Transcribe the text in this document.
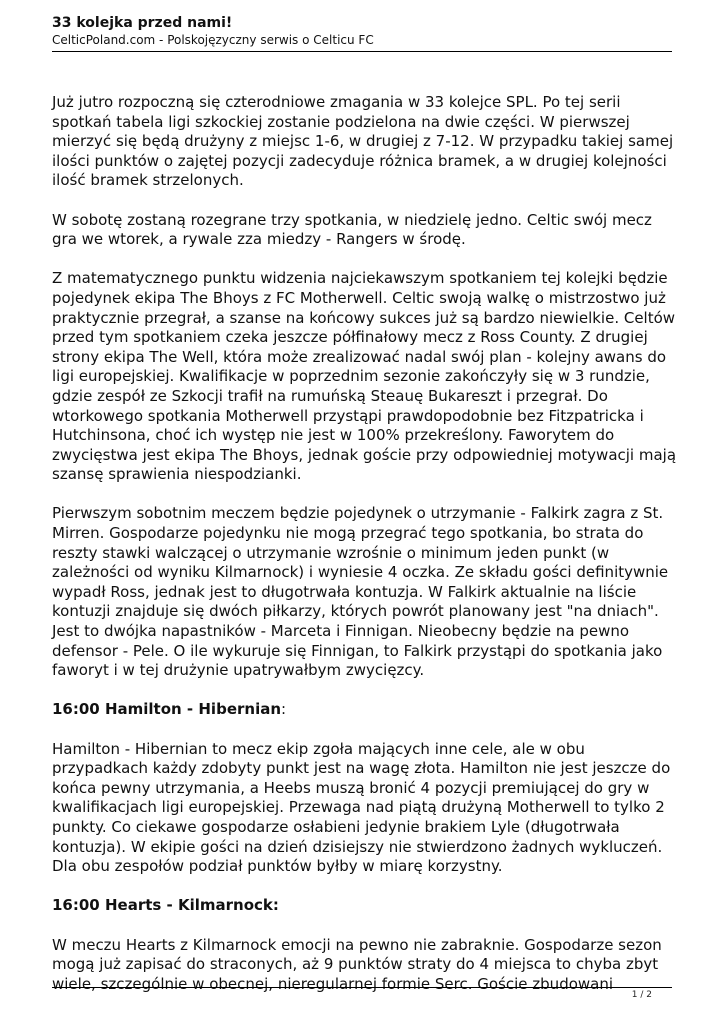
33 kolejka przed nami!
CelticPoland.com - Polskojęzyczny serwis o Celticu FC

Już jutro rozpoczną się czterodniowe zmagania w 33 kolejce SPL. Po tej serii spotkań tabela ligi szkockiej zostanie podzielona na dwie części. W pierwszej mierzyć się będą drużyny z miejsc 1-6, w drugiej z 7-12. W przypadku takiej samej ilości punktów o zajętej pozycji zadecyduje różnica bramek, a w drugiej kolejności ilość bramek strzelonych.

W sobotę zostaną rozegrane trzy spotkania, w niedzielę jedno. Celtic swój mecz gra we wtorek, a rywale zza miedzy - Rangers w środę.

Z matematycznego punktu widzenia najciekawszym spotkaniem tej kolejki będzie pojedynek ekipa The Bhoys z FC Motherwell. Celtic swoją walkę o mistrzostwo już praktycznie przegrał, a szanse na końcowy sukces już są bardzo niewielkie. Celtów przed tym spotkaniem czeka jeszcze półfinałowy mecz z Ross County. Z drugiej strony ekipa The Well, która może zrealizować nadal swój plan - kolejny awans do ligi europejskiej. Kwalifikacje w poprzednim sezonie zakończyły się w 3 rundzie, gdzie zespół ze Szkocji trafił na rumuńską Steauę Bukareszt i przegrał. Do wtorkowego spotkania Motherwell przystąpi prawdopodobnie bez Fitzpatricka i Hutchinsona, choć ich występ nie jest w 100% przekreślony. Faworytem do zwycięstwa jest ekipa The Bhoys, jednak goście przy odpowiedniej motywacji mają szansę sprawienia niespodzianki.

Pierwszym sobotnim meczem będzie pojedynek o utrzymanie - Falkirk zagra z St. Mirren. Gospodarze pojedynku nie mogą przegrać tego spotkania, bo strata do reszty stawki walczącej o utrzymanie wzrośnie o minimum jeden punkt (w zależności od wyniku Kilmarnock) i wyniesie 4 oczka. Ze składu gości definitywnie wypadł Ross, jednak jest to długotrwała kontuzja. W Falkirk aktualnie na liście kontuzji znajduje się dwóch piłkarzy, których powrót planowany jest "na dniach". Jest to dwójka napastników - Marceta i Finnigan. Nieobecny będzie na pewno defensor - Pele. O ile wykuruje się Finnigan, to Falkirk przystąpi do spotkania jako faworyt i w tej drużynie upatrywałbym zwycięzcy.

16:00 Hamilton - Hibernian:

Hamilton - Hibernian to mecz ekip zgoła mających inne cele, ale w obu przypadkach każdy zdobyty punkt jest na wagę złota. Hamilton nie jest jeszcze do końca pewny utrzymania, a Heebs muszą bronić 4 pozycji premiującej do gry w kwalifikacjach ligi europejskiej. Przewaga nad piątą drużyną Motherwell to tylko 2 punkty. Co ciekawe gospodarze osłabieni jedynie brakiem Lyle (długotrwała kontuzja). W ekipie gości na dzień dzisiejszy nie stwierdzono żadnych wykluczeń. Dla obu zespołów podział punktów byłby w miarę korzystny.

16:00 Hearts - Kilmarnock:

W meczu Hearts z Kilmarnock emocji na pewno nie zabraknie. Gospodarze sezon mogą już zapisać do straconych, aż 9 punktów straty do 4 miejsca to chyba zbyt wiele, szczególnie w obecnej, nieregularnej formie Serc. Goście zbudowani

1 / 2
